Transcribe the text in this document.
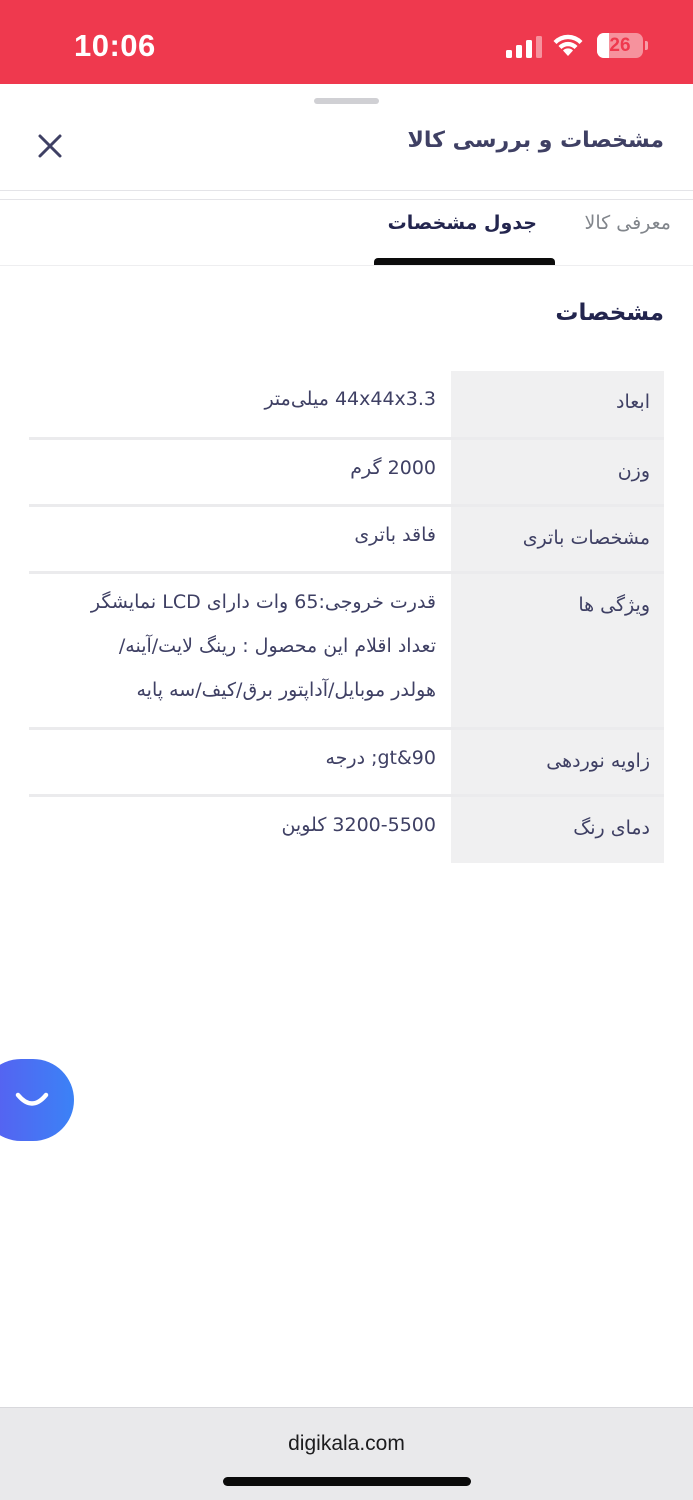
10:06	26
مشخصات و بررسی کالا
معرفی کالا
جدول مشخصات
مشخصات
ابعاد
44x44x3.3 میلی‌متر
وزن
2000 گرم
مشخصات باتری
فاقد باتری
ویژگی ها
قدرت خروجی:65 وات دارای LCD نمایشگر
تعداد اقلام این محصول : رینگ لایت/آینه/
هولدر موبایل/آداپتور برق/کیف/سه پایه
زاویه نوردهی
gt&90; درجه
دمای رنگ
3200-5500 کلوین
digikala.com
